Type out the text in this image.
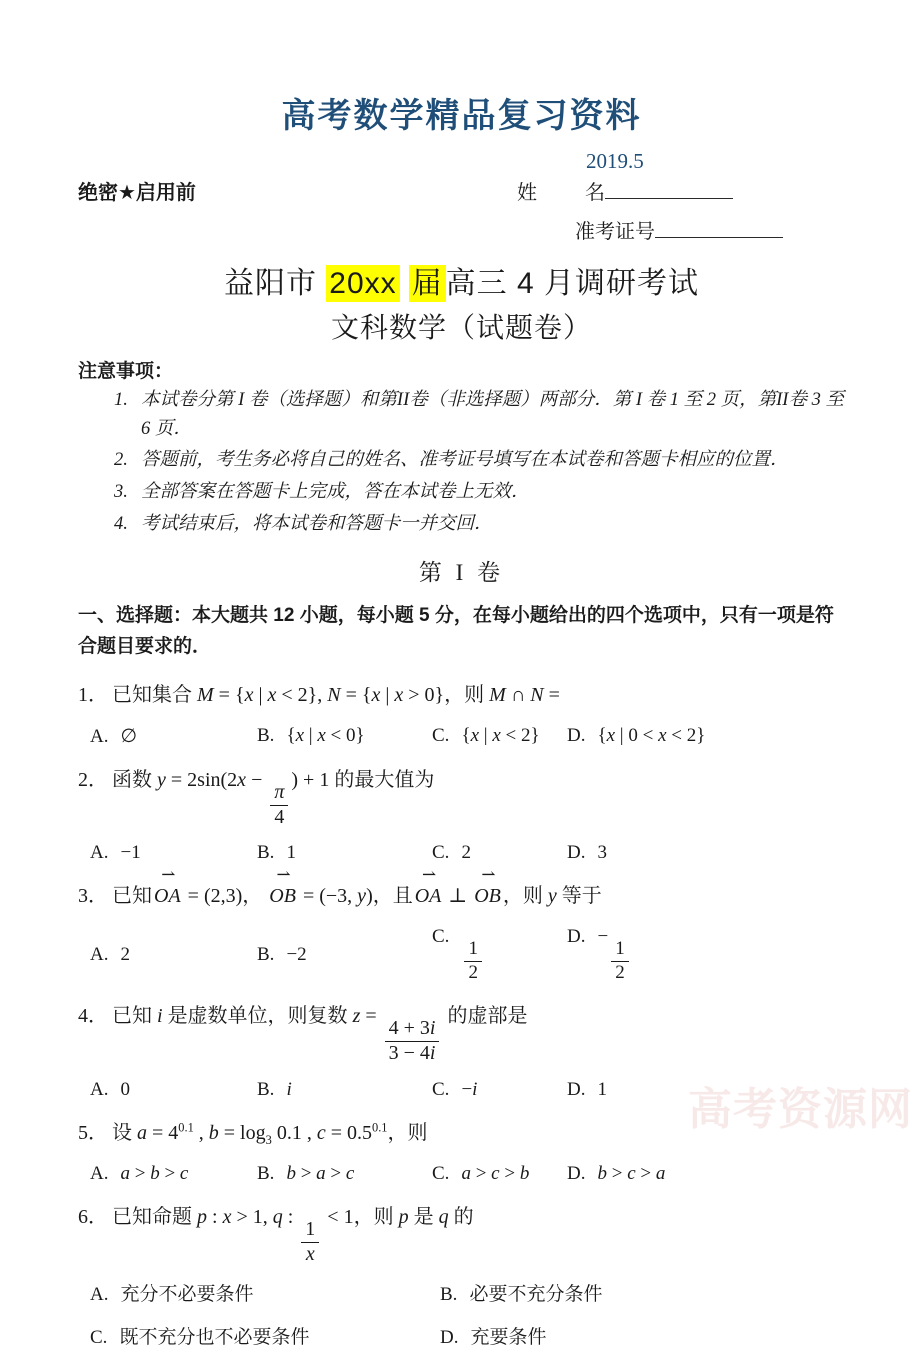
高考资源网
高考数学精品复习资料
2019.5
绝密★启用前	姓 名
准考证号
益阳市 20xx 届 高三 4 月调研考试
文科数学（试题卷）
注意事项：
1. 本试卷分第 I 卷（选择题）和第II卷（非选择题）两部分．第 I 卷 1 至 2 页，第II卷 3 至 6 页．
2. 答题前，考生务必将自己的姓名、准考证号填写在本试卷和答题卡相应的位置．
3. 全部答案在答题卡上完成，答在本试卷上无效．
4. 考试结束后，将本试卷和答题卡一并交回．
第 I 卷
一、选择题：本大题共 12 小题，每小题 5 分，在每小题给出的四个选项中，只有一项是符合题目要求的．
1． 已知集合 M = {x | x < 2}, N = {x | x > 0}，则 M ∩ N =
A. ∅	B. {x | x < 0}	C. {x | x < 2}	D. {x | 0 < x < 2}
2． 函数 y = 2sin(2x −
$\frac{\pi}{4}$
) + 1 的最大值为
A. −1	B. 1	C. 2	D. 3
3． 已知 OA ⇀ = (2,3)， OB ⇀ = (−3, y)，且 OA ⇀ ⊥ OB ⇀ ，则 y 等于
A. 2	B. −2
C.
$\frac{1}{2}$
D. −
$\frac{1}{2}$
4． 已知 i 是虚数单位，则复数 z =
$\frac{4 + 3i}{3 - 4i}$
的虚部是
A. 0	B. i	C. −i	D. 1
5． 设 $a = 4^{0.1}$ , $b = \log_3 0.1$ , $c = 0.5^{0.1}$，则
A. a > b > c	B. b > a > c	C. a > c > b	D. b > c > a
6． 已知命题 p : x > 1, q :
$\frac{1}{x}$
< 1，则 p 是 q 的
A. 充分不必要条件	B. 必要不充分条件
C. 既不充分也不必要条件	D. 充要条件
